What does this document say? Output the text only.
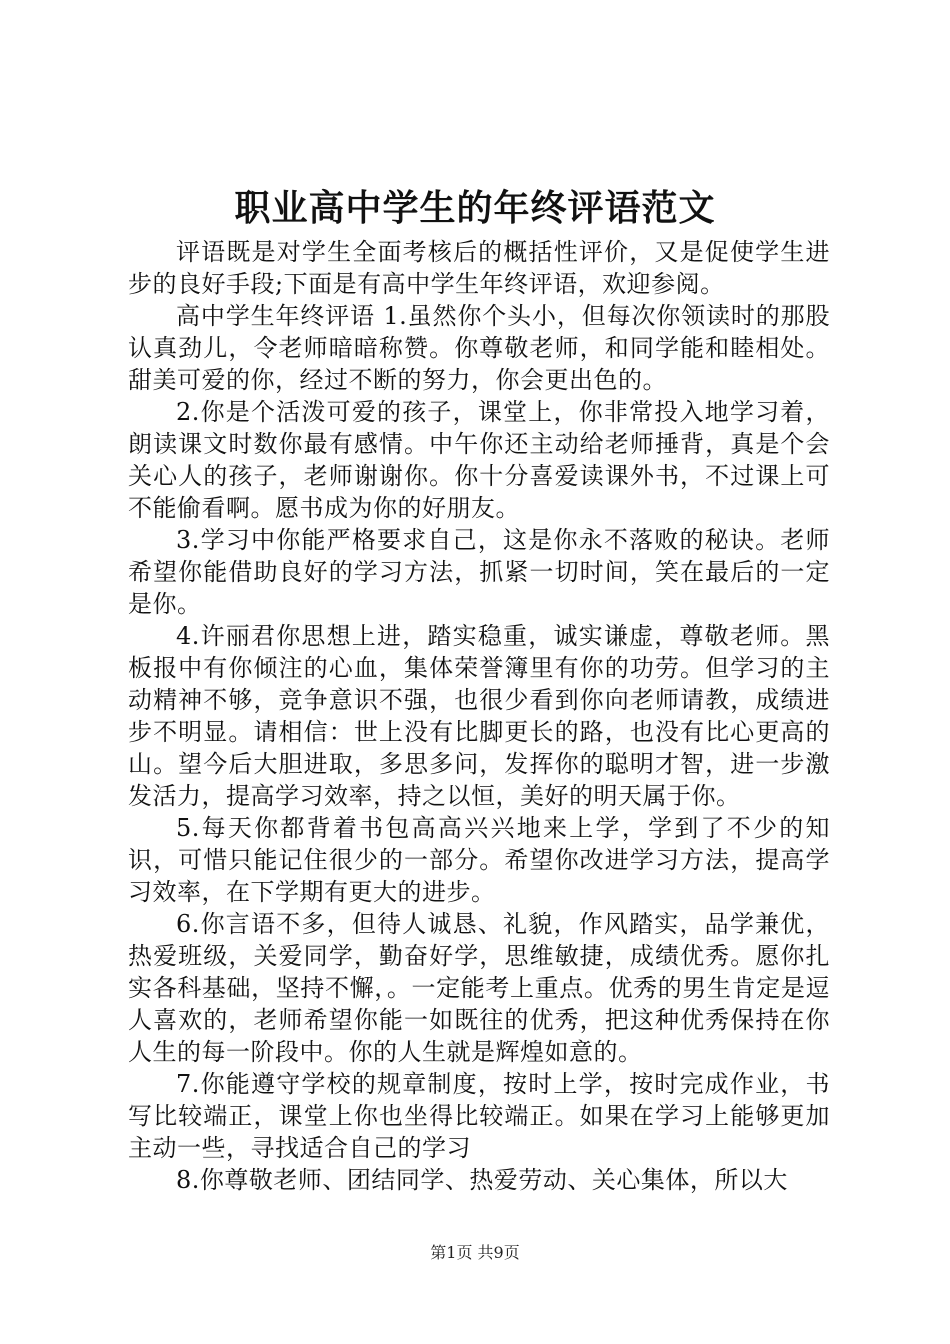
职业高中学生的年终评语范文

评语既是对学生全面考核后的概括性评价，又是促使学生进步的良好手段;下面是有高中学生年终评语，欢迎参阅。

高中学生年终评语 1.虽然你个头小，但每次你领读时的那股认真劲儿，令老师暗暗称赞。你尊敬老师，和同学能和睦相处。甜美可爱的你，经过不断的努力，你会更出色的。

2.你是个活泼可爱的孩子，课堂上，你非常投入地学习着，朗读课文时数你最有感情。中午你还主动给老师捶背，真是个会关心人的孩子，老师谢谢你。你十分喜爱读课外书，不过课上可不能偷看啊。愿书成为你的好朋友。

3.学习中你能严格要求自己，这是你永不落败的秘诀。老师希望你能借助良好的学习方法，抓紧一切时间，笑在最后的一定是你。

4.许丽君你思想上进，踏实稳重，诚实谦虚，尊敬老师。黑板报中有你倾注的心血，集体荣誉簿里有你的功劳。但学习的主动精神不够，竞争意识不强，也很少看到你向老师请教，成绩进步不明显。请相信：世上没有比脚更长的路，也没有比心更高的山。望今后大胆进取，多思多问，发挥你的聪明才智，进一步激发活力，提高学习效率，持之以恒，美好的明天属于你。

5.每天你都背着书包高高兴兴地来上学，学到了不少的知识，可惜只能记住很少的一部分。希望你改进学习方法，提高学习效率，在下学期有更大的进步。

6.你言语不多，但待人诚恳、礼貌，作风踏实，品学兼优，热爱班级，关爱同学，勤奋好学，思维敏捷，成绩优秀。愿你扎实各科基础，坚持不懈，。一定能考上重点。优秀的男生肯定是逗人喜欢的，老师希望你能一如既往的优秀，把这种优秀保持在你人生的每一阶段中。你的人生就是辉煌如意的。

7.你能遵守学校的规章制度，按时上学，按时完成作业，书写比较端正，课堂上你也坐得比较端正。如果在学习上能够更加主动一些，寻找适合自己的学习

8.你尊敬老师、团结同学、热爱劳动、关心集体，所以大

第1页 共9页
